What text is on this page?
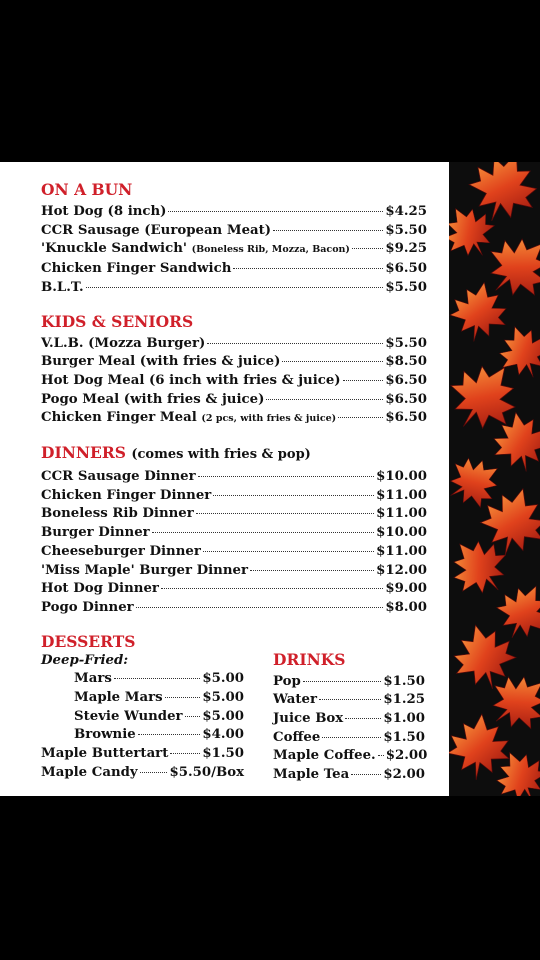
ON A BUN
Hot Dog (8 inch)	$4.25
CCR Sausage (European Meat)	$5.50
'Knuckle Sandwich' (Boneless Rib, Mozza, Bacon)	$9.25
Chicken Finger Sandwich	$6.50
B.L.T.	$5.50
KIDS & SENIORS
V.L.B. (Mozza Burger)	$5.50
Burger Meal (with fries & juice)	$8.50
Hot Dog Meal (6 inch with fries & juice)	$6.50
Pogo Meal (with fries & juice)	$6.50
Chicken Finger Meal (2 pcs, with fries & juice)	$6.50
DINNERS (comes with fries & pop)
CCR Sausage Dinner	$10.00
Chicken Finger Dinner	$11.00
Boneless Rib Dinner	$11.00
Burger Dinner	$10.00
Cheeseburger Dinner	$11.00
'Miss Maple' Burger Dinner	$12.00
Hot Dog Dinner	$9.00
Pogo Dinner	$8.00
DESSERTS
Deep-Fried:
Mars	$5.00
Maple Mars	$5.00
Stevie Wunder $5.00
Brownie	$4.00
Maple Buttertart	$1.50
Maple Candy $5.50/Box
DRINKS
Pop	$1.50
Water	$1.25
Juice Box	$1.00
Coffee	$1.50
Maple Coffee. $2.00
Maple Tea	$2.00
